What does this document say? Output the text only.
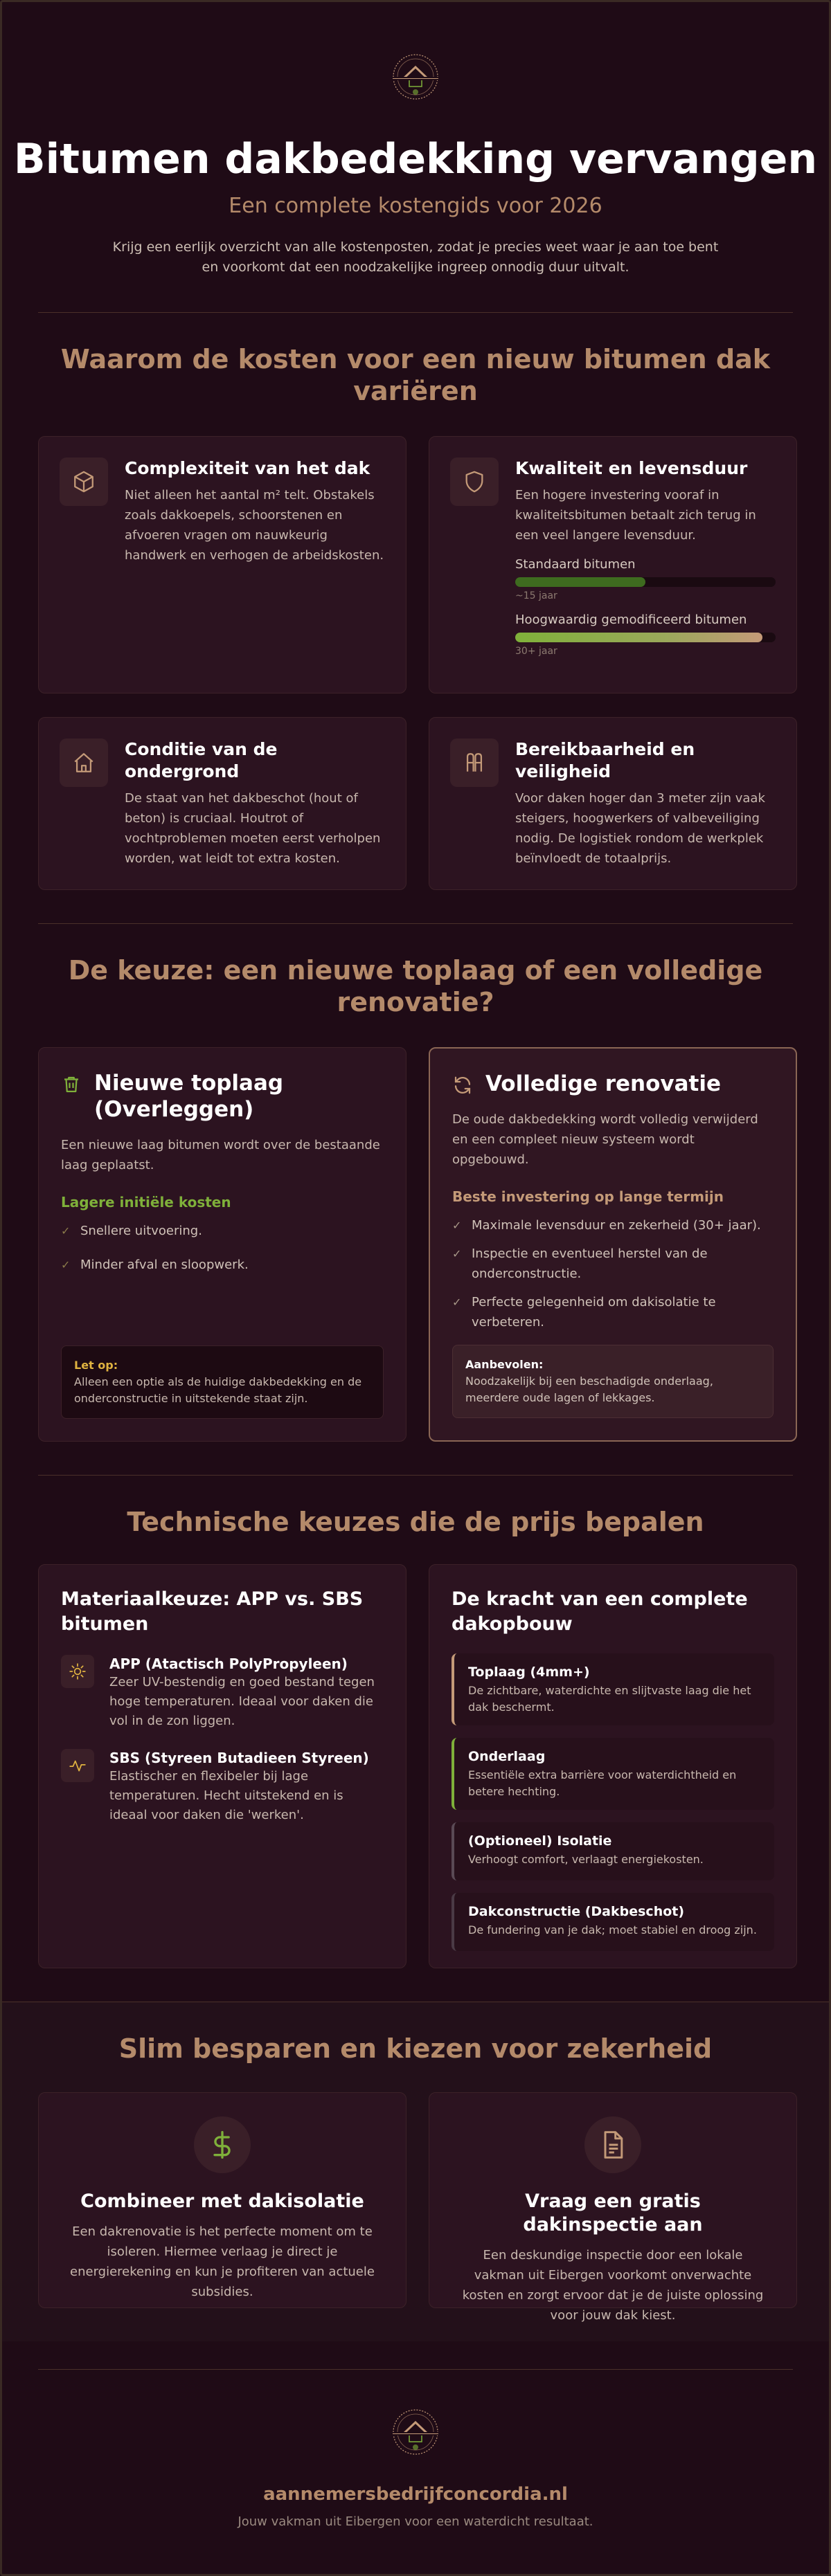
Bitumen dakbedekking vervangen
Een complete kostengids voor 2026

Krijg een eerlijk overzicht van alle kostenposten, zodat je precies weet waar je aan toe bent en voorkomt dat een noodzakelijke ingreep onnodig duur uitvalt.

Waarom de kosten voor een nieuw bitumen dak variëren
Complexiteit van het dak

Niet alleen het aantal m² telt. Obstakels zoals dakkoepels, schoorstenen en afvoeren vragen om nauwkeurig handwerk en verhogen de arbeidskosten.

Kwaliteit en levensduur

Een hogere investering vooraf in kwaliteitsbitumen betaalt zich terug in een veel langere levensduur.

Standaard bitumen
~15 jaar
Hoogwaardig gemodificeerd bitumen
30+ jaar
Conditie van de ondergrond

De staat van het dakbeschot (hout of beton) is cruciaal. Houtrot of vochtproblemen moeten eerst verholpen worden, wat leidt tot extra kosten.

Bereikbaarheid en veiligheid

Voor daken hoger dan 3 meter zijn vaak steigers, hoogwerkers of valbeveiliging nodig. De logistiek rondom de werkplek beïnvloedt de totaalprijs.

De keuze: een nieuwe toplaag of een volledige renovatie?
Nieuwe toplaag (Overleggen)

Een nieuwe laag bitumen wordt over de bestaande laag geplaatst.

Lagere initiële kosten
✓ Snellere uitvoering.
✓ Minder afval en sloopwerk.
Let op:
Alleen een optie als de huidige dakbedekking en de onderconstructie in uitstekende staat zijn.
Volledige renovatie

De oude dakbedekking wordt volledig verwijderd en een compleet nieuw systeem wordt opgebouwd.

Beste investering op lange termijn
✓ Maximale levensduur en zekerheid (30+ jaar).
✓ Inspectie en eventueel herstel van de onderconstructie.
✓ Perfecte gelegenheid om dakisolatie te verbeteren.
Aanbevolen:
Noodzakelijk bij een beschadigde onderlaag, meerdere oude lagen of lekkages.
Technische keuzes die de prijs bepalen
Materiaalkeuze: APP vs. SBS bitumen
APP (Atactisch PolyPropyleen)

Zeer UV-bestendig en goed bestand tegen hoge temperaturen. Ideaal voor daken die vol in de zon liggen.

SBS (Styreen Butadieen Styreen)

Elastischer en flexibeler bij lage temperaturen. Hecht uitstekend en is ideaal voor daken die 'werken'.

De kracht van een complete dakopbouw
Toplaag (4mm+)

De zichtbare, waterdichte en slijtvaste laag die het dak beschermt.

Onderlaag

Essentiële extra barrière voor waterdichtheid en betere hechting.

(Optioneel) Isolatie

Verhoogt comfort, verlaagt energiekosten.

Dakconstructie (Dakbeschot)

De fundering van je dak; moet stabiel en droog zijn.

Slim besparen en kiezen voor zekerheid
Combineer met dakisolatie

Een dakrenovatie is het perfecte moment om te isoleren. Hiermee verlaag je direct je energierekening en kun je profiteren van actuele subsidies.

Vraag een gratis dakinspectie aan

Een deskundige inspectie door een lokale vakman uit Eibergen voorkomt onverwachte kosten en zorgt ervoor dat je de juiste oplossing voor jouw dak kiest.

aannemersbedrijfconcordia.nl
Jouw vakman uit Eibergen voor een waterdicht resultaat.
